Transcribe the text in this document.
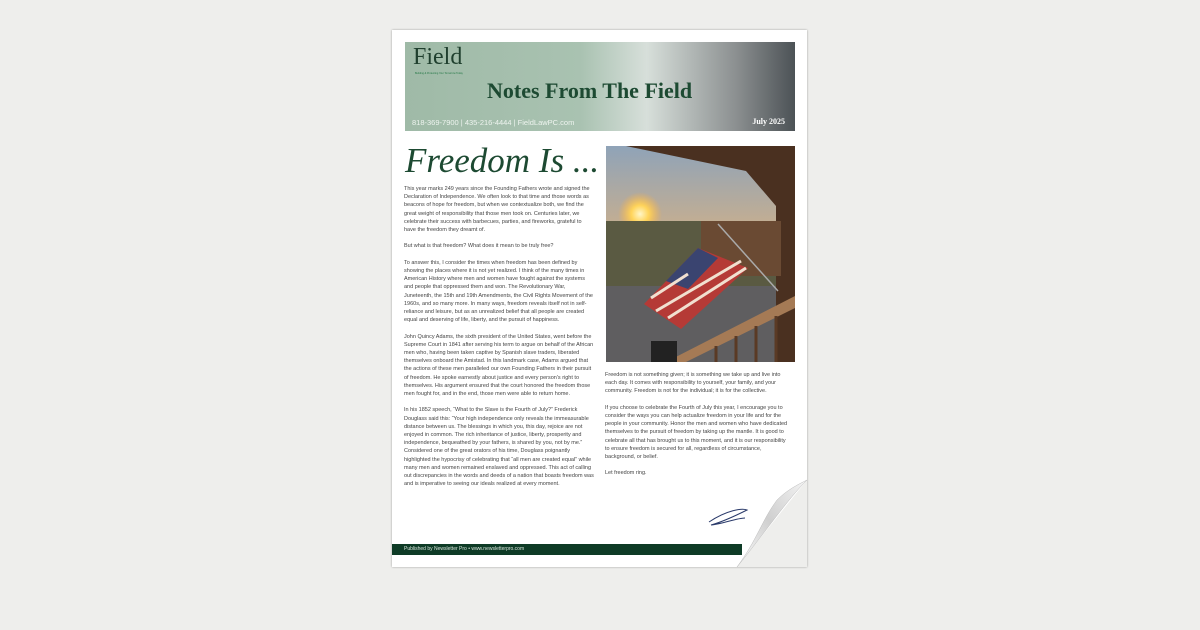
Field
Building & Protecting Your Tomorrow Today
Notes From The Field
818-369-7900 | 435-216-4444 | FieldLawPC.com	July 2025
Freedom Is ...

This year marks 249 years since the Founding Fathers wrote and signed the Declaration of Independence. We often look to that time and those words as beacons of hope for freedom, but when we contextualize both, we find the great weight of responsibility that those men took on. Centuries later, we celebrate their success with barbecues, parties, and fireworks, grateful to have the freedom they dreamt of.

But what is that freedom? What does it mean to be truly free?

To answer this, I consider the times when freedom has been defined by showing the places where it is not yet realized. I think of the many times in American History where men and women have fought against the systems and people that oppressed them and won. The Revolutionary War, Juneteenth, the 15th and 19th Amendments, the Civil Rights Movement of the 1960s, and so many more. In many ways, freedom reveals itself not in self-reliance and leisure, but as an unrealized belief that all people are created equal and deserving of life, liberty, and the pursuit of happiness.

John Quincy Adams, the sixth president of the United States, went before the Supreme Court in 1841 after serving his term to argue on behalf of the African men who, having been taken captive by Spanish slave traders, liberated themselves onboard the Amistad. In this landmark case, Adams argued that the actions of these men paralleled our own Founding Fathers in their pursuit of freedom. He spoke earnestly about justice and every person's right to themselves. His argument ensured that the court honored the freedom those men fought for, and in the end, those men were able to return home.

In his 1852 speech, “What to the Slave is the Fourth of July?” Frederick Douglass said this: “Your high independence only reveals the immeasurable distance between us. The blessings in which you, this day, rejoice are not enjoyed in common. The rich inheritance of justice, liberty, prosperity and independence, bequeathed by your fathers, is shared by you, not by me.” Considered one of the great orators of his time, Douglass poignantly highlighted the hypocrisy of celebrating that “all men are created equal” while many men and women remained enslaved and oppressed. This act of calling out discrepancies in the words and deeds of a nation that boasts freedom was and is imperative to seeing our ideals realized at every moment.

Freedom is not something given; it is something we take up and live into each day. It comes with responsibility to yourself, your family, and your community. Freedom is not for the individual; it is for the collective.

If you choose to celebrate the Fourth of July this year, I encourage you to consider the ways you can help actualize freedom in your life and for the people in your community. Honor the men and women who have dedicated themselves to the pursuit of freedom by taking up the mantle. It is good to celebrate all that has brought us to this moment, and it is our responsibility to ensure freedom is secured for all, regardless of circumstance, background, or belief.

Let freedom ring.

Published by Newsletter Pro • www.newsletterpro.com
